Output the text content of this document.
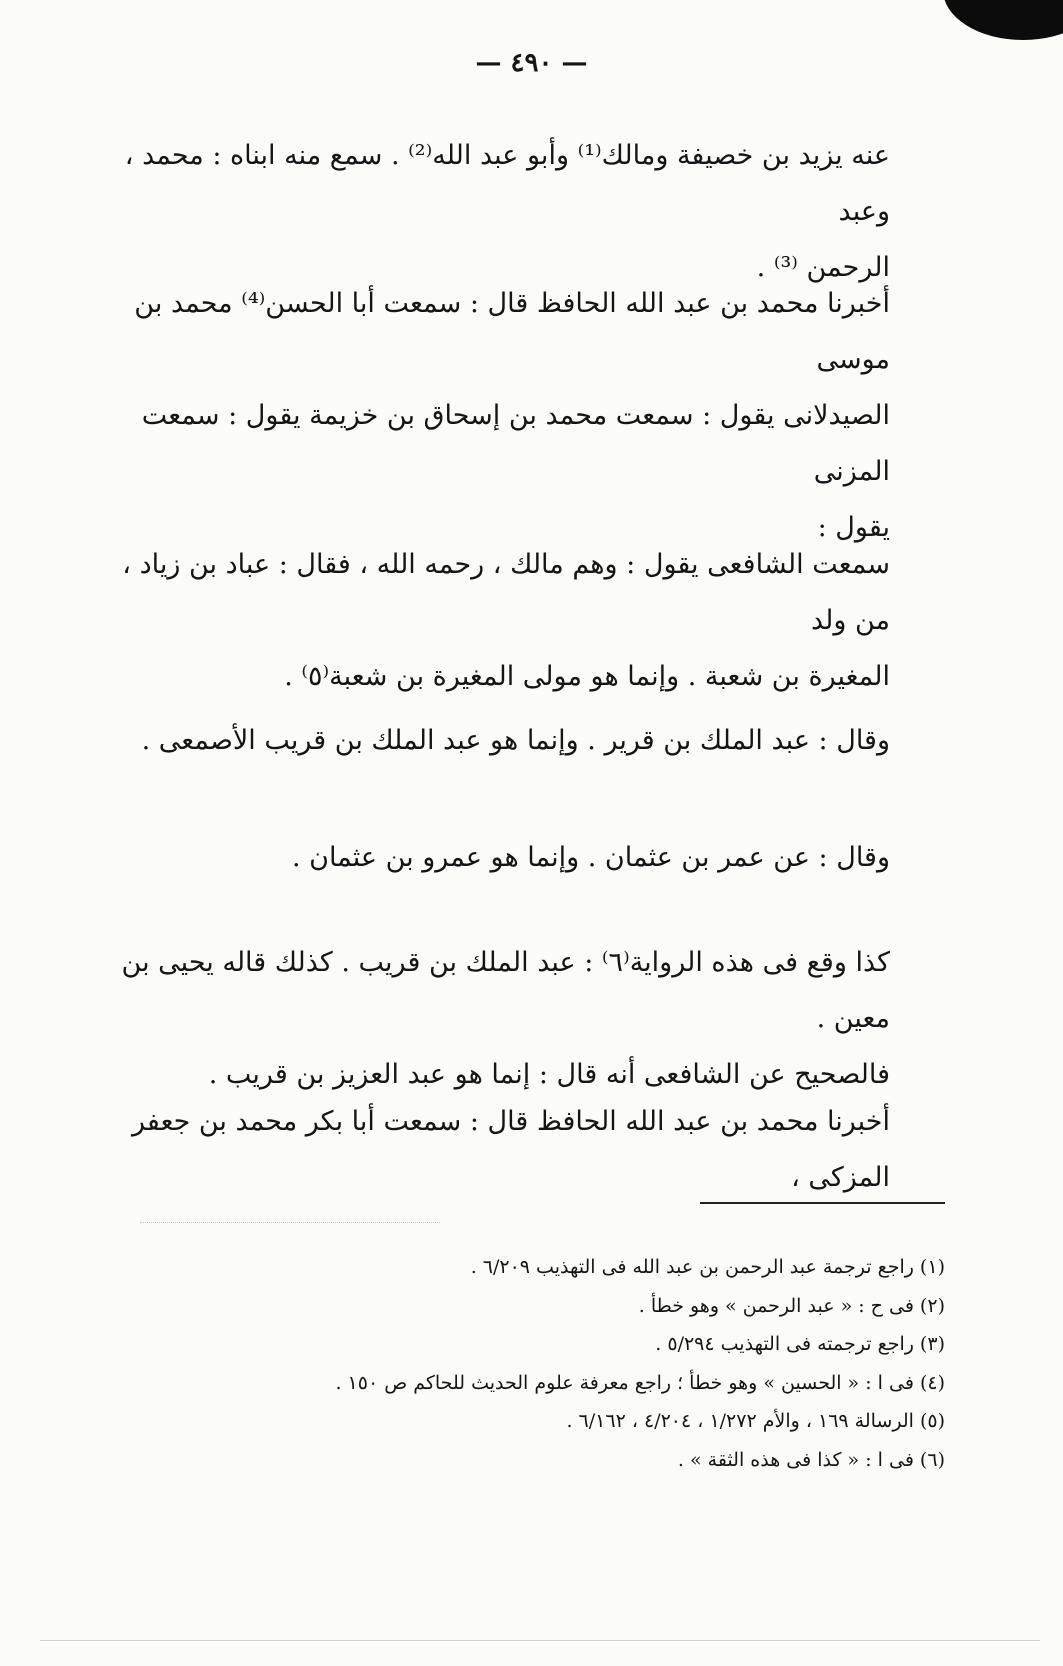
— ٤٩٠ —

عنه يزيد بن خصيفة ومالك⁽¹⁾ وأبو عبد الله⁽²⁾ . سمع منه ابناه : محمد ، وعبد

الرحمن ⁽³⁾ .

أخبرنا محمد بن عبد الله الحافظ قال : سمعت أبا الحسن⁽⁴⁾ محمد بن موسى

الصيدلانى يقول : سمعت محمد بن إسحاق بن خزيمة يقول : سمعت المزنى

يقول :

سمعت الشافعى يقول : وهم مالك ، رحمه الله ، فقال : عباد بن زياد ، من ولد

المغيرة بن شعبة . وإنما هو مولى المغيرة بن شعبة⁽٥⁾ .

وقال : عبد الملك بن قرير . وإنما هو عبد الملك بن قريب الأصمعى .

وقال : عن عمر بن عثمان . وإنما هو عمرو بن عثمان .

كذا وقع فى هذه الرواية⁽٦⁾ : عبد الملك بن قريب . كذلك قاله يحيى بن معين .

فالصحيح عن الشافعى أنه قال : إنما هو عبد العزيز بن قريب .

أخبرنا محمد بن عبد الله الحافظ قال : سمعت أبا بكر محمد بن جعفر المزكى ،

(١) راجع ترجمة عبد الرحمن بن عبد الله فى التهذيب ٦/٢٠٩ .
(٢) فى ح : « عبد الرحمن » وهو خطأ .
(٣) راجع ترجمته فى التهذيب ٥/٢٩٤ .
(٤) فى ا : « الحسين » وهو خطأ ؛ راجع معرفة علوم الحديث للحاكم ص ١٥٠ .
(٥) الرسالة ١٦٩ ، والأم ١/٢٧٢ ، ٤/٢٠٤ ، ٦/١٦٢ .
(٦) فى ا : « كذا فى هذه الثقة » .
